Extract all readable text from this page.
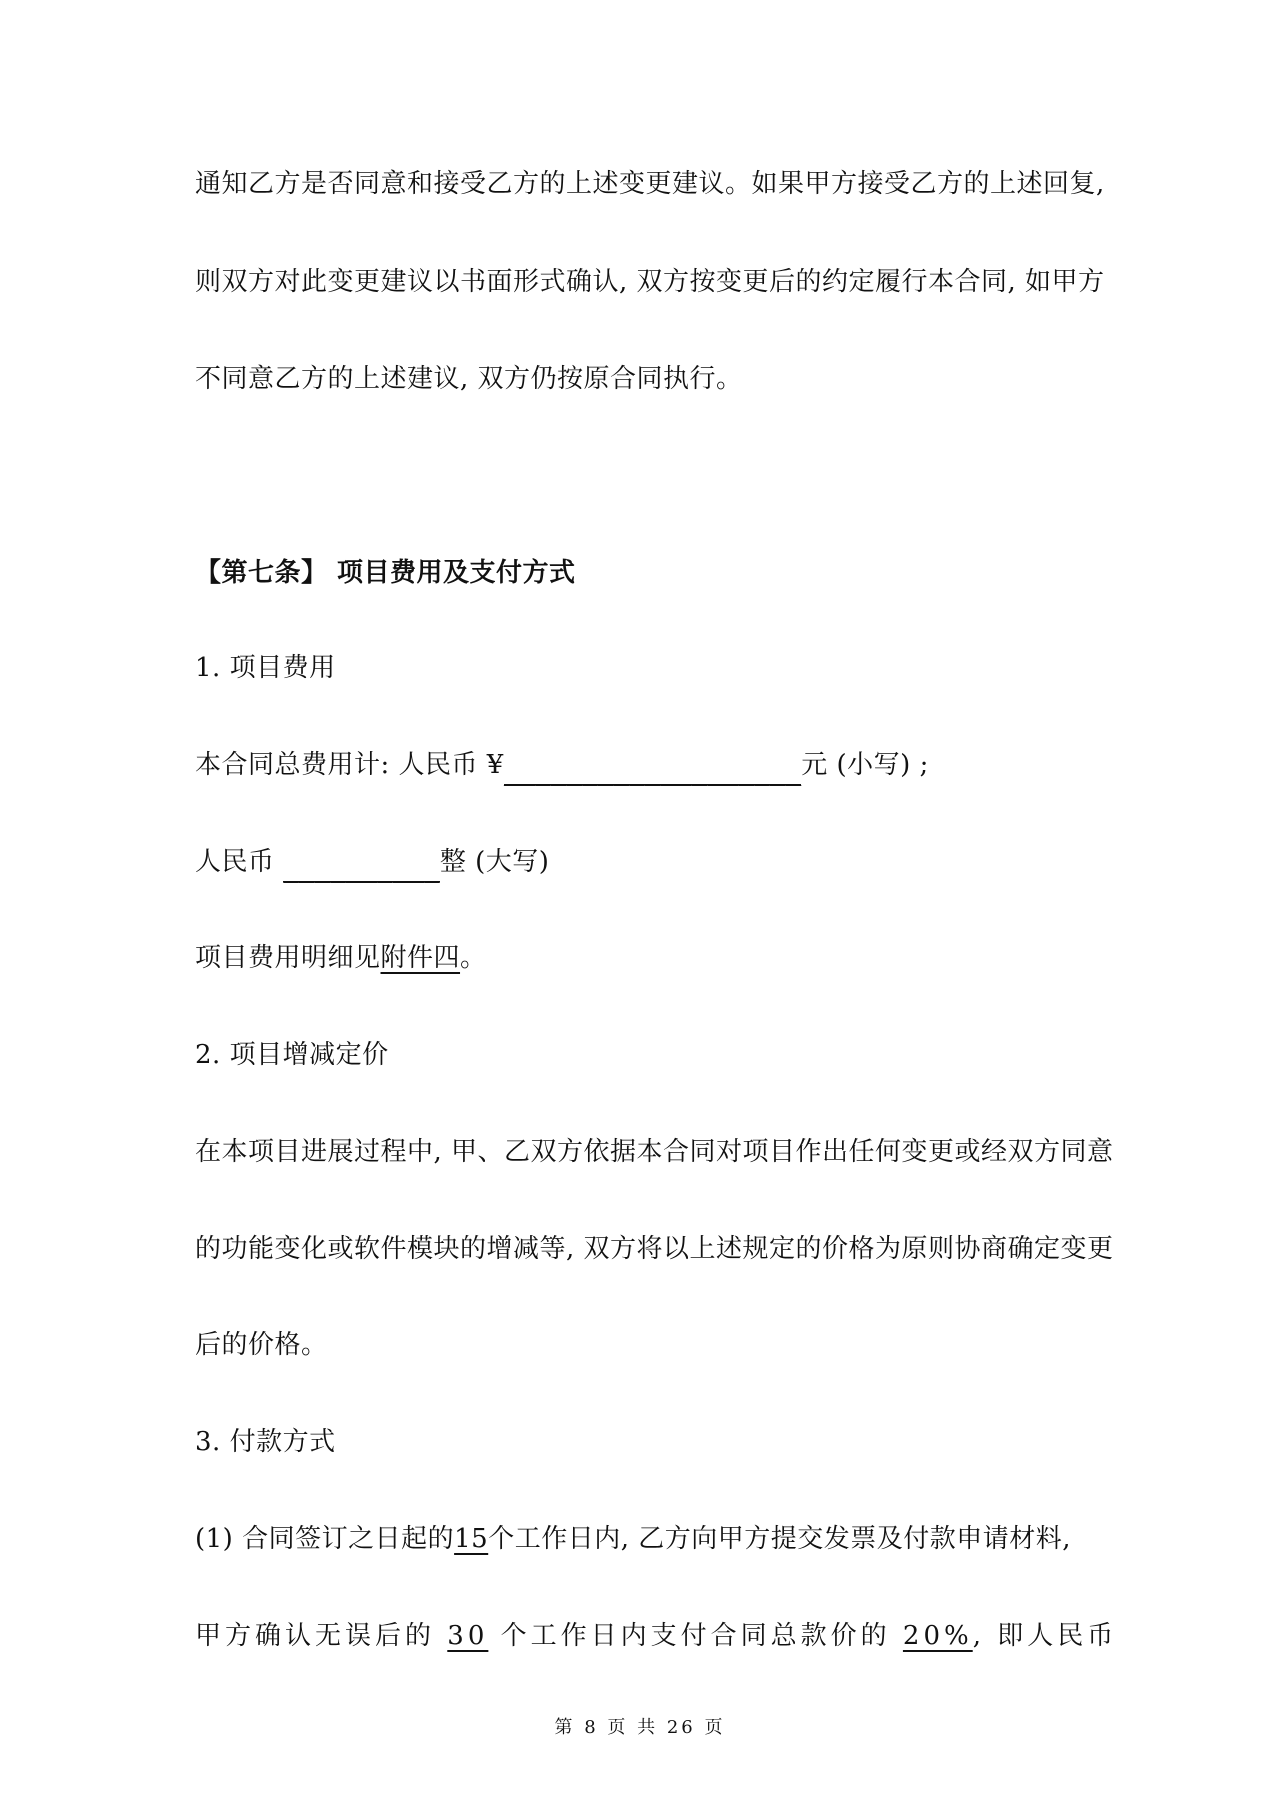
通知乙方是否同意和接受乙方的上述变更建议。如果甲方接受乙方的上述回复,
则双方对此变更建议以书面形式确认, 双方按变更后的约定履行本合同, 如甲方
不同意乙方的上述建议, 双方仍按原合同执行。
【第七条】 项目费用及支付方式
1. 项目费用
本合同总费用计: 人民币 ¥___________________元 (小写) ;
人民币 __________整 (大写)
项目费用明细见附件四。
2. 项目增减定价
在本项目进展过程中, 甲、乙双方依据本合同对项目作出任何变更或经双方同意
的功能变化或软件模块的增减等, 双方将以上述规定的价格为原则协商确定变更
后的价格。
3. 付款方式
(1) 合同签订之日起的15个工作日内, 乙方向甲方提交发票及付款申请材料,
甲方确认无误后的 30 个工作日内支付合同总款价的 20%, 即人民币
第 8 页 共 26 页
